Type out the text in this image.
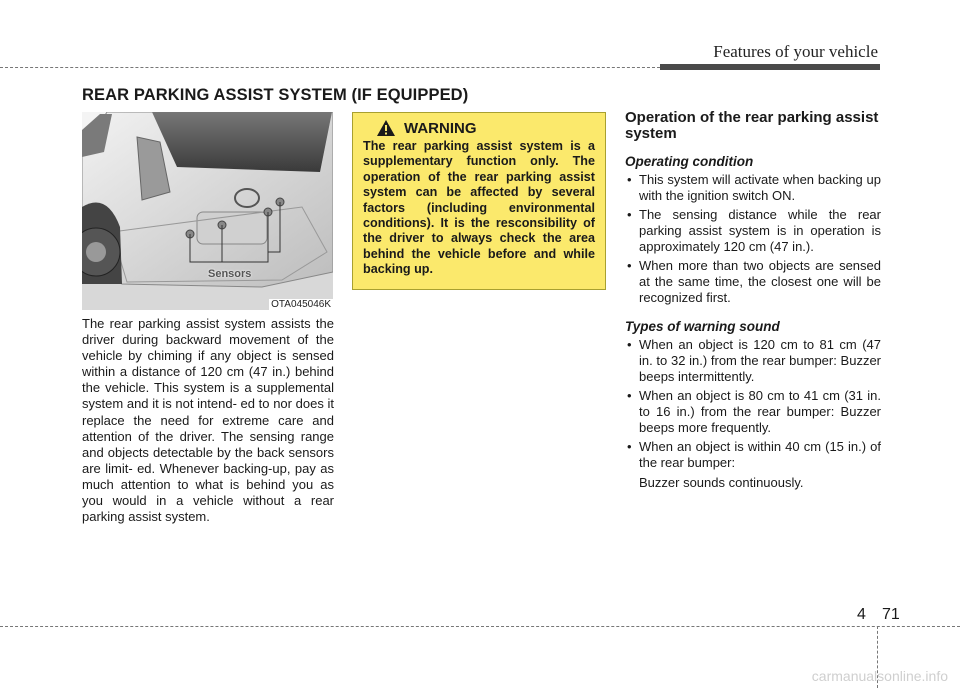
Features of your vehicle
REAR PARKING ASSIST SYSTEM (IF EQUIPPED)
Sensors
OTA045046K
The rear parking assist system assists the driver during backward movement of the vehicle by chiming if any object is sensed within a distance of 120 cm (47 in.) behind the vehicle. This system is a supplemental system and it is not intend- ed to nor does it replace the need for extreme care and attention of the driver. The sensing range and objects detectable by the back sensors are limit- ed. Whenever backing-up, pay as much attention to what is behind you as you would in a vehicle without a rear parking assist system.
WARNING
The rear parking assist system is a supplementary function only. The operation of the rear parking assist system can be affected by several factors (including environmental conditions). It is the resconsibility of the driver to always check the area behind the vehicle before and while backing up.
Operation of the rear parking assist system
Operating condition
• This system will activate when backing up with the ignition switch ON.
• The sensing distance while the rear parking assist system is in operation is approximately 120 cm (47 in.).
• When more than two objects are sensed at the same time, the closest one will be recognized first.
Types of warning sound
• When an object is 120 cm to 81 cm (47 in. to 32 in.) from the rear bumper: Buzzer beeps intermittently.
• When an object is 80 cm to 41 cm (31 in. to 16 in.) from the rear bumper: Buzzer beeps more frequently.
• When an object is within 40 cm (15 in.) of the rear bumper:
Buzzer sounds continuously.
4 71
carmanualsonline.info
